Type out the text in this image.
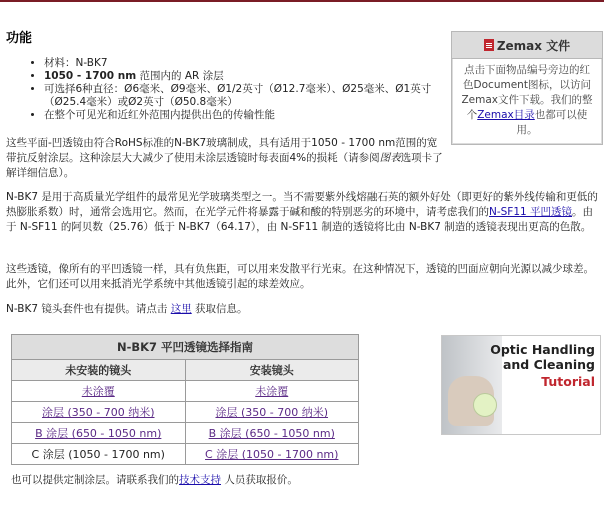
功能
• 材料：N-BK7
• 1050 - 1700 nm 范围内的 AR 涂层
• 可选择6种直径：Ø6毫米、Ø9毫米、Ø1/2英寸（Ø12.7毫米）、Ø25毫米、Ø1英寸（Ø25.4毫米）或Ø2英寸（Ø50.8毫米）
• 在整个可见光和近红外范围内提供出色的传输性能
Zemax 文件
点击下面物品编号旁边的红色Document图标，以访问Zemax文件下载。我们的整个Zemax目录也都可以使用。

这些平面-凹透镜由符合RoHS标准的N-BK7玻璃制成，具有适用于1050 - 1700 nm范围的宽带抗反射涂层。这种涂层大大减少了使用未涂层透镜时每表面4%的损耗（请参阅图表选项卡了解详细信息）。

N-BK7 是用于高质量光学组件的最常见光学玻璃类型之一。当不需要紫外线熔融石英的额外好处（即更好的紫外线传输和更低的热膨胀系数）时，通常会选用它。然而，在光学元件将暴露于碱和酸的特别恶劣的环境中，请考虑我们的N-SF11 平凹透镜。由于 N-SF11 的阿贝数（25.76）低于 N-BK7（64.17），由 N-SF11 制造的透镜将比由 N-BK7 制造的透镜表现出更高的色散。

这些透镜，像所有的平凹透镜一样，具有负焦距，可以用来发散平行光束。在这种情况下，透镜的凹面应朝向光源以减少球差。此外，它们还可以用来抵消光学系统中其他透镜引起的球差效应。

N-BK7 镜头套件也有提供。请点击 这里 获取信息。

N-BK7 平凹透镜选择指南	
未安装的镜头	安装镜头
未涂覆	未涂覆
涂层 (350 - 700 纳米)	涂层 (350 - 700 纳米)
B 涂层 (650 - 1050 nm)	B 涂层 (650 - 1050 nm)
C 涂层 (1050 - 1700 nm)	C 涂层 (1050 - 1700 nm)
Optic Handling
and Cleaning
Tutorial

也可以提供定制涂层。请联系我们的技术支持 人员获取报价。
